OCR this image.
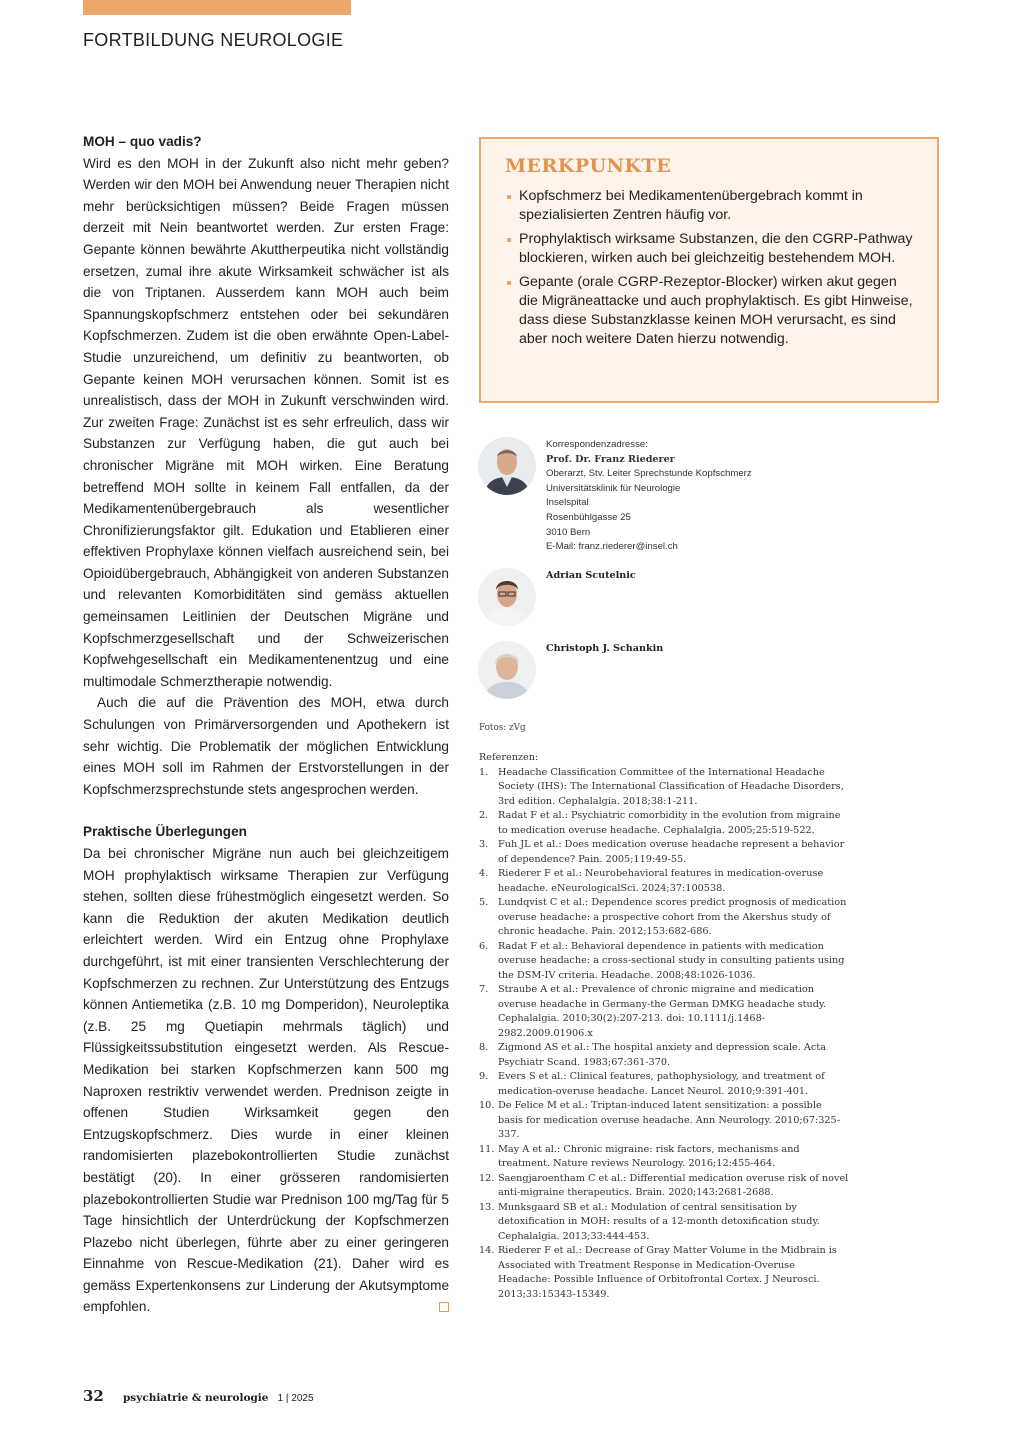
FORTBILDUNG NEUROLOGIE
MOH – quo vadis?

Wird es den MOH in der Zukunft also nicht mehr geben? Werden wir den MOH bei Anwendung neuer Therapien nicht mehr berücksichtigen müssen? Beide Fragen müssen derzeit mit Nein beantwortet werden. Zur ersten Frage: Gepante können bewährte Akuttherpeutika nicht vollständig ersetzen, zumal ihre akute Wirksamkeit schwächer ist als die von Triptanen. Ausserdem kann MOH auch beim Spannungskopfschmerz entstehen oder bei sekundären Kopfschmerzen. Zudem ist die oben erwähnte Open-Label-Studie unzureichend, um definitiv zu beantworten, ob Gepante keinen MOH verursachen können. Somit ist es unrealistisch, dass der MOH in Zukunft verschwinden wird. Zur zweiten Frage: Zunächst ist es sehr erfreulich, dass wir Substanzen zur Verfügung haben, die gut auch bei chronischer Migräne mit MOH wirken. Eine Beratung betreffend MOH sollte in keinem Fall entfallen, da der Medikamentenübergebrauch als wesentlicher Chronifizierungsfaktor gilt. Edukation und Etablieren einer effektiven Prophylaxe können vielfach ausreichend sein, bei Opioidübergebrauch, Abhängigkeit von anderen Substanzen und relevanten Komorbiditäten sind gemäss aktuellen gemeinsamen Leitlinien der Deutschen Migräne und Kopfschmerzgesellschaft und der Schweizerischen Kopfwehgesellschaft ein Medikamentenentzug und eine multimodale Schmerztherapie notwendig.

Auch die auf die Prävention des MOH, etwa durch Schulungen von Primärversorgenden und Apothekern ist sehr wichtig. Die Problematik der möglichen Entwicklung eines MOH soll im Rahmen der Erstvorstellungen in der Kopfschmerzsprechstunde stets angesprochen werden.

Praktische Überlegungen

Da bei chronischer Migräne nun auch bei gleichzeitigem MOH prophylaktisch wirksame Therapien zur Verfügung stehen, sollten diese frühestmöglich eingesetzt werden. So kann die Reduktion der akuten Medikation deutlich erleichtert werden. Wird ein Entzug ohne Prophylaxe durchgeführt, ist mit einer transienten Verschlechterung der Kopfschmerzen zu rechnen. Zur Unterstützung des Entzugs können Antiemetika (z.B. 10 mg Domperidon), Neuroleptika (z.B. 25 mg Quetiapin mehrmals täglich) und Flüssigkeitssubstitution eingesetzt werden. Als Rescue-Medikation bei starken Kopfschmerzen kann 500 mg Naproxen restriktiv verwendet werden. Prednison zeigte in offenen Studien Wirksamkeit gegen den Entzugskopfschmerz. Dies wurde in einer kleinen randomisierten plazebokontrollierten Studie zunächst bestätigt (20). In einer grösseren randomisierten plazebokontrollierten Studie war Prednison 100 mg/Tag für 5 Tage hinsichtlich der Unterdrückung der Kopfschmerzen Plazebo nicht überlegen, führte aber zu einer geringeren Einnahme von Rescue-Medikation (21). Daher wird es gemäss Expertenkonsens zur Linderung der Akutsymptome empfohlen.

MERKPUNKTE
Kopfschmerz bei Medikamentenübergebrach kommt in spezialisierten Zentren häufig vor.
Prophylaktisch wirksame Substanzen, die den CGRP-Pathway blockieren, wirken auch bei gleichzeitig bestehendem MOH.
Gepante (orale CGRP-Rezeptor-Blocker) wirken akut gegen die Migräneattacke und auch prophylaktisch. Es gibt Hinweise, dass diese Substanzklasse keinen MOH verursacht, es sind aber noch weitere Daten hierzu notwendig.
Korrespondenzadresse:
Prof. Dr. Franz Riederer
Oberarzt, Stv. Leiter Sprechstunde Kopfschmerz
Universitätsklinik für Neurologie
Inselspital
Rosenbühlgasse 25
3010 Bern
E-Mail: franz.riederer@insel.ch
Adrian Scutelnic
Christoph J. Schankin
Fotos: zVg
Referenzen:
1. Headache Classification Committee of the International Headache Society (IHS): The International Classification of Headache Disorders, 3rd edition. Cephalalgia. 2018;38:1-211.
2. Radat F et al.: Psychiatric comorbidity in the evolution from migraine to medication overuse headache. Cephalalgia. 2005;25:519-522.
3. Fuh JL et al.: Does medication overuse headache represent a behavior of dependence? Pain. 2005;119:49-55.
4. Riederer F et al.: Neurobehavioral features in medication-overuse headache. eNeurologicalSci. 2024;37:100538.
5. Lundqvist C et al.: Dependence scores predict prognosis of medication overuse headache: a prospective cohort from the Akershus study of chronic headache. Pain. 2012;153:682-686.
6. Radat F et al.: Behavioral dependence in patients with medication overuse headache: a cross-sectional study in consulting patients using the DSM-IV criteria. Headache. 2008;48:1026-1036.
7. Straube A et al.: Prevalence of chronic migraine and medication overuse headache in Germany-the German DMKG headache study. Cephalalgia. 2010;30(2):207-213. doi: 10.1111/j.1468-2982.2009.01906.x
8. Zigmond AS et al.: The hospital anxiety and depression scale. Acta Psychiatr Scand. 1983;67:361-370.
9. Evers S et al.: Clinical features, pathophysiology, and treatment of medication-overuse headache. Lancet Neurol. 2010;9:391-401.
10. De Felice M et al.: Triptan-induced latent sensitization: a possible basis for medication overuse headache. Ann Neurology. 2010;67:325-337.
11. May A et al.: Chronic migraine: risk factors, mechanisms and treatment. Nature reviews Neurology. 2016;12:455-464.
12. Saengjaroentham C et al.: Differential medication overuse risk of novel anti-migraine therapeutics. Brain. 2020;143:2681-2688.
13. Munksgaard SB et al.: Modulation of central sensitisation by detoxification in MOH: results of a 12-month detoxification study. Cephalalgia. 2013;33:444-453.
14. Riederer F et al.: Decrease of Gray Matter Volume in the Midbrain is Associated with Treatment Response in Medication-Overuse Headache: Possible Influence of Orbitofrontal Cortex. J Neurosci. 2013;33:15343-15349.
32 psychiatrie & neurologie 1 | 2025
